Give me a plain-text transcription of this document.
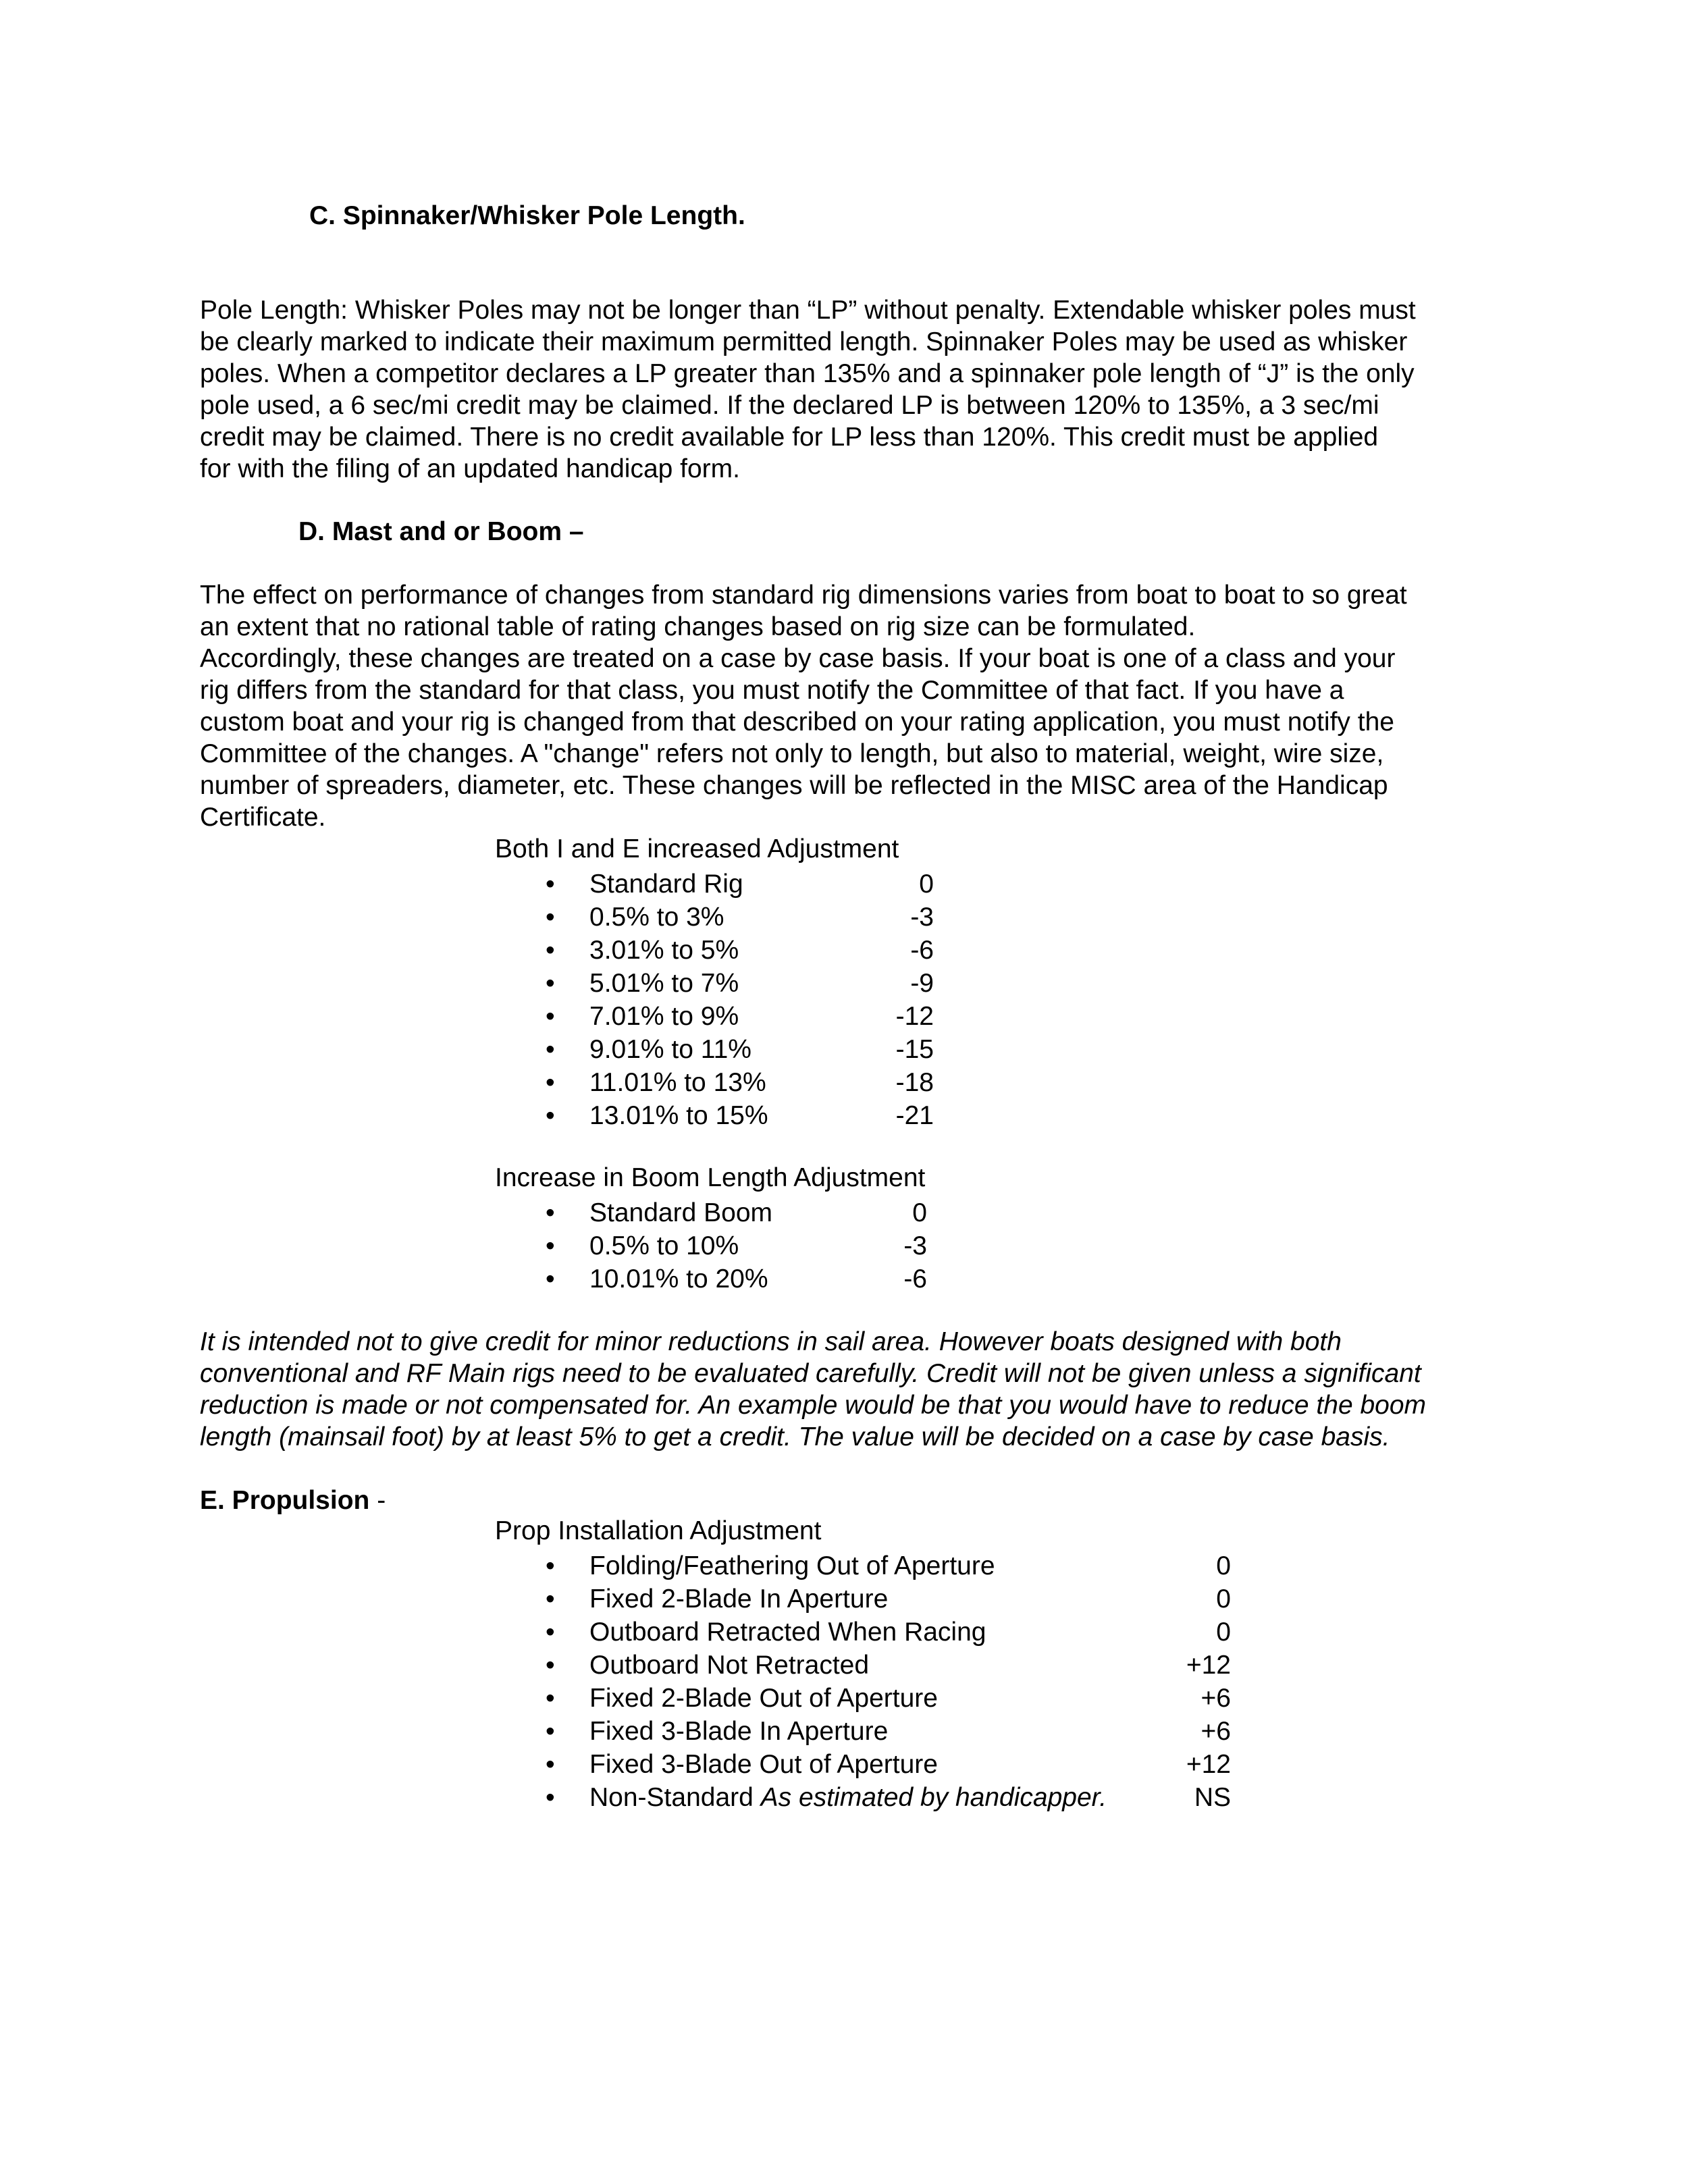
C. Spinnaker/Whisker Pole Length.
Pole Length: Whisker Poles may not be longer than “LP” without penalty. Extendable whisker poles must
be clearly marked to indicate their maximum permitted length. Spinnaker Poles may be used as whisker
poles. When a competitor declares a LP greater than 135% and a spinnaker pole length of “J” is the only
pole used, a 6 sec/mi credit may be claimed. If the declared LP is between 120% to 135%, a 3 sec/mi
credit may be claimed. There is no credit available for LP less than 120%. This credit must be applied
for with the filing of an updated handicap form.
D. Mast and or Boom –
The effect on performance of changes from standard rig dimensions varies from boat to boat to so great
an extent that no rational table of rating changes based on rig size can be formulated.
Accordingly, these changes are treated on a case by case basis. If your boat is one of a class and your
rig differs from the standard for that class, you must notify the Committee of that fact. If you have a
custom boat and your rig is changed from that described on your rating application, you must notify the
Committee of the changes. A "change" refers not only to length, but also to material, weight, wire size,
number of spreaders, diameter, etc. These changes will be reflected in the MISC area of the Handicap
Certificate.
Both I and E increased Adjustment
• Standard Rig	0
• 0.5% to 3%	-3
• 3.01% to 5%	-6
• 5.01% to 7%	-9
• 7.01% to 9%	-12
• 9.01% to 11%	-15
• 11.01% to 13%	-18
• 13.01% to 15%	-21
Increase in Boom Length Adjustment
• Standard Boom	0
• 0.5% to 10%	-3
• 10.01% to 20%	-6
It is intended not to give credit for minor reductions in sail area. However boats designed with both
conventional and RF Main rigs need to be evaluated carefully. Credit will not be given unless a significant
reduction is made or not compensated for. An example would be that you would have to reduce the boom
length (mainsail foot) by at least 5% to get a credit. The value will be decided on a case by case basis.
E. Propulsion -
Prop Installation Adjustment
• Folding/Feathering Out of Aperture	0
• Fixed 2-Blade In Aperture	0
• Outboard Retracted When Racing	0
• Outboard Not Retracted	+12
• Fixed 2-Blade Out of Aperture	+6
• Fixed 3-Blade In Aperture	+6
• Fixed 3-Blade Out of Aperture	+12
• Non-Standard As estimated by handicapper.	NS
